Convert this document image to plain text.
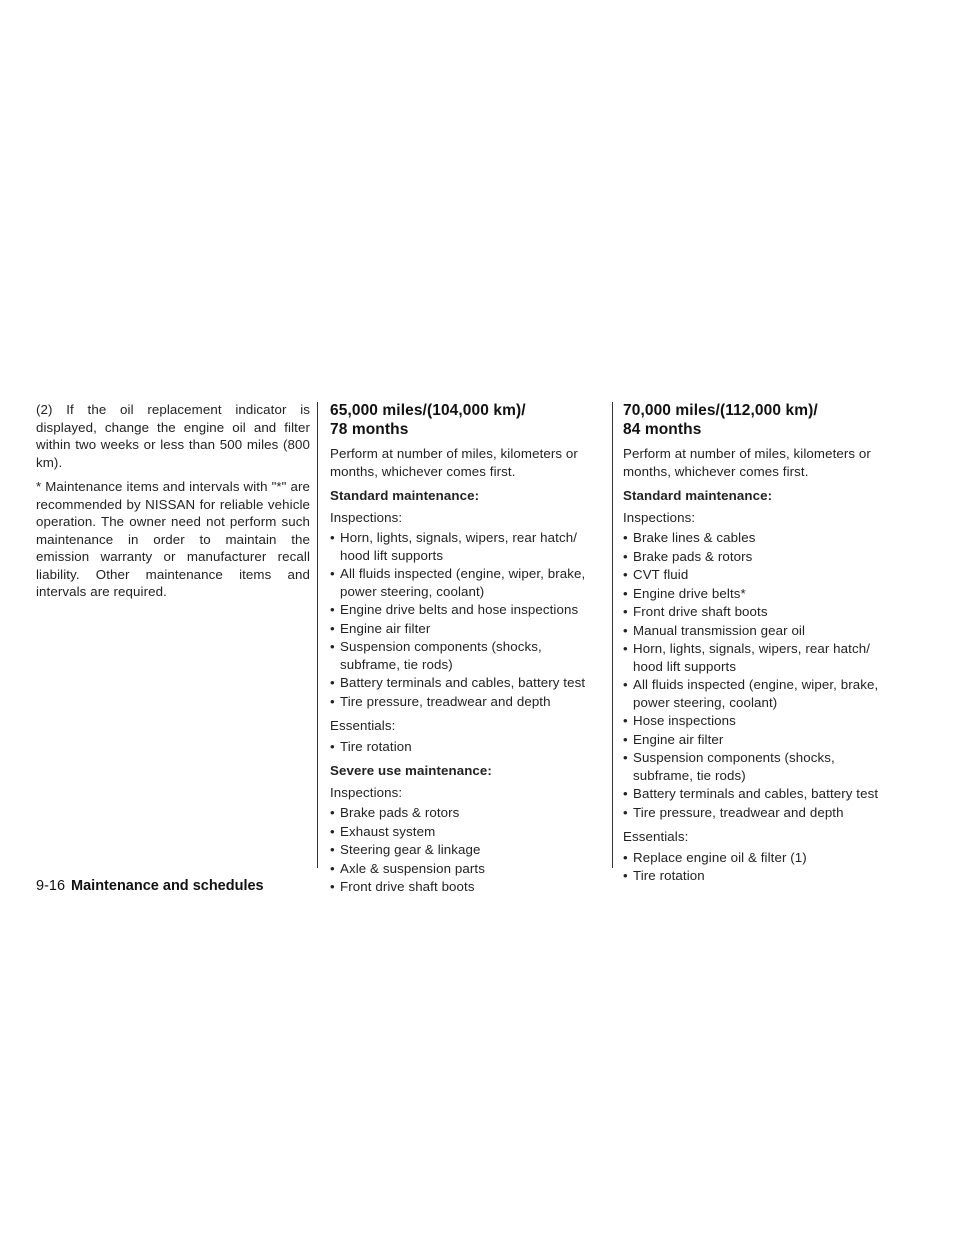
(2) If the oil replacement indicator is displayed, change the engine oil and filter within two weeks or less than 500 miles (800 km).

* Maintenance items and intervals with "*" are recommended by NISSAN for reliable vehicle operation. The owner need not perform such maintenance in order to maintain the emission warranty or manufacturer recall liability. Other maintenance items and intervals are required.

65,000 miles/(104,000 km)/
78 months

Perform at number of miles, kilometers or months, whichever comes first.

Standard maintenance:

Inspections:

• Horn, lights, signals, wipers, rear hatch/ hood lift supports
• All fluids inspected (engine, wiper, brake, power steering, coolant)
• Engine drive belts and hose inspections
• Engine air filter
• Suspension components (shocks, subframe, tie rods)
• Battery terminals and cables, battery test
• Tire pressure, treadwear and depth

Essentials:

• Tire rotation

Severe use maintenance:

Inspections:

• Brake pads & rotors
• Exhaust system
• Steering gear & linkage
• Axle & suspension parts
• Front drive shaft boots
70,000 miles/(112,000 km)/
84 months

Perform at number of miles, kilometers or months, whichever comes first.

Standard maintenance:

Inspections:

• Brake lines & cables
• Brake pads & rotors
• CVT fluid
• Engine drive belts*
• Front drive shaft boots
• Manual transmission gear oil
• Horn, lights, signals, wipers, rear hatch/ hood lift supports
• All fluids inspected (engine, wiper, brake, power steering, coolant)
• Hose inspections
• Engine air filter
• Suspension components (shocks, subframe, tie rods)
• Battery terminals and cables, battery test
• Tire pressure, treadwear and depth

Essentials:

• Replace engine oil & filter (1)
• Tire rotation
9-16 Maintenance and schedules
